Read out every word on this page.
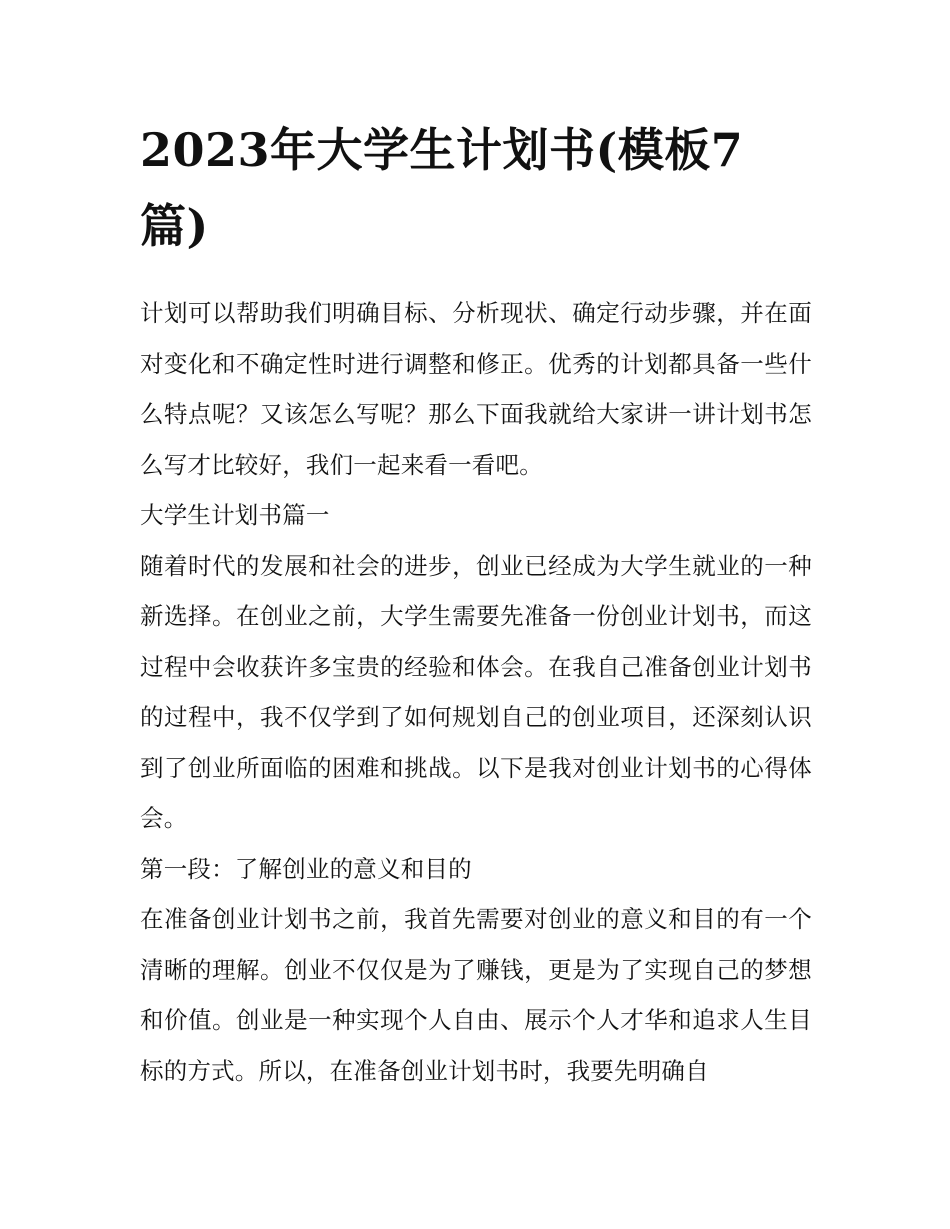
2023年大学生计划书(模板7篇)

计划可以帮助我们明确目标、分析现状、确定行动步骤，并在面对变化和不确定性时进行调整和修正。优秀的计划都具备一些什么特点呢？又该怎么写呢？那么下面我就给大家讲一讲计划书怎么写才比较好，我们一起来看一看吧。

大学生计划书篇一

随着时代的发展和社会的进步，创业已经成为大学生就业的一种新选择。在创业之前，大学生需要先准备一份创业计划书，而这过程中会收获许多宝贵的经验和体会。在我自己准备创业计划书的过程中，我不仅学到了如何规划自己的创业项目，还深刻认识到了创业所面临的困难和挑战。以下是我对创业计划书的心得体会。

第一段：了解创业的意义和目的

在准备创业计划书之前，我首先需要对创业的意义和目的有一个清晰的理解。创业不仅仅是为了赚钱，更是为了实现自己的梦想和价值。创业是一种实现个人自由、展示个人才华和追求人生目标的方式。所以，在准备创业计划书时，我要先明确自
